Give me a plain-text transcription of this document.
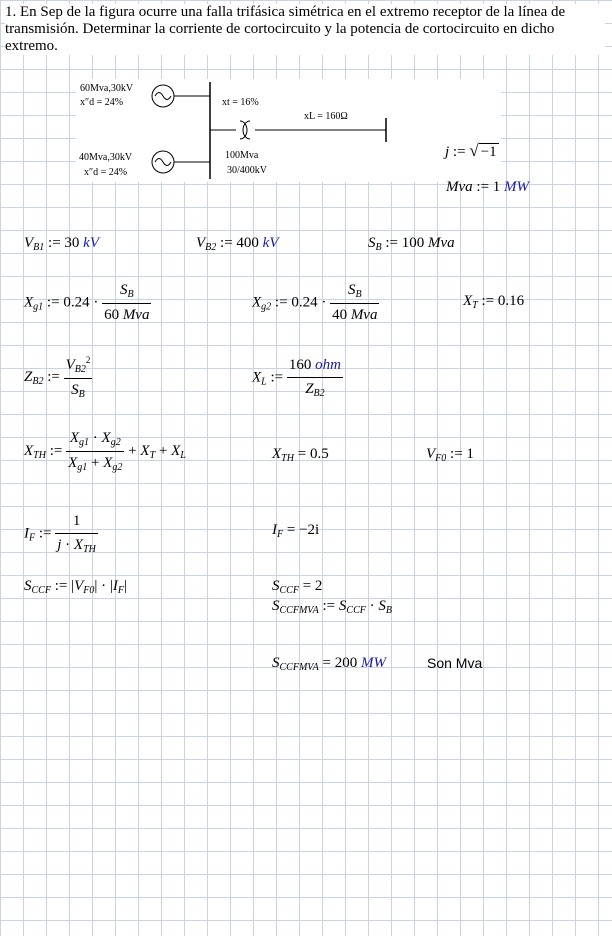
1. En Sep de la figura ocurre una falla trifásica simétrica en el extremo receptor de la línea de transmisión. Determinar la corriente de cortocircuito y la potencia de cortocircuito en dicho extremo.
60Mva,30kV
x″d = 24%
40Mva,30kV
x″d = 24%
xt = 16%
100Mva
30/400kV
xL = 160Ω
j := √ −1
Mva := 1 MW
$V_{B1}$ := 30 kV	$V_{B2}$ := 400 kV	$S_B$ := 100 Mva
$X_{g1}$ := $0.24 \cdot \frac{S_B}{\text{60 Mva}}$	$X_{g2}$ := $0.24 \cdot \frac{S_B}{\text{40 Mva}}$	$X_T$ := 0.16
$Z_{B2}$ := $\frac{V_{B2}^2}{S_B}$	$X_L$ := $\frac{\text{160 ohm}}{Z_{B2}}$
$X_{TH}$ := $\frac{X_{g1} \cdot X_{g2}}{X_{g1} + X_{g2}} + X_T + X_L$	$X_{TH} = 0.5$	$V_{F0}$ := 1
$I_F$ := $\frac{1}{j \cdot X_{TH}}$	$I_F = -2i$
$S_{CCF}$ := $|V_{F0}| \cdot |I_F|$	$S_{CCF} = 2$
$S_{CCFMVA}$ := $S_{CCF} \cdot S_B$
$S_{CCFMVA} = 200$ MW	Son Mva
